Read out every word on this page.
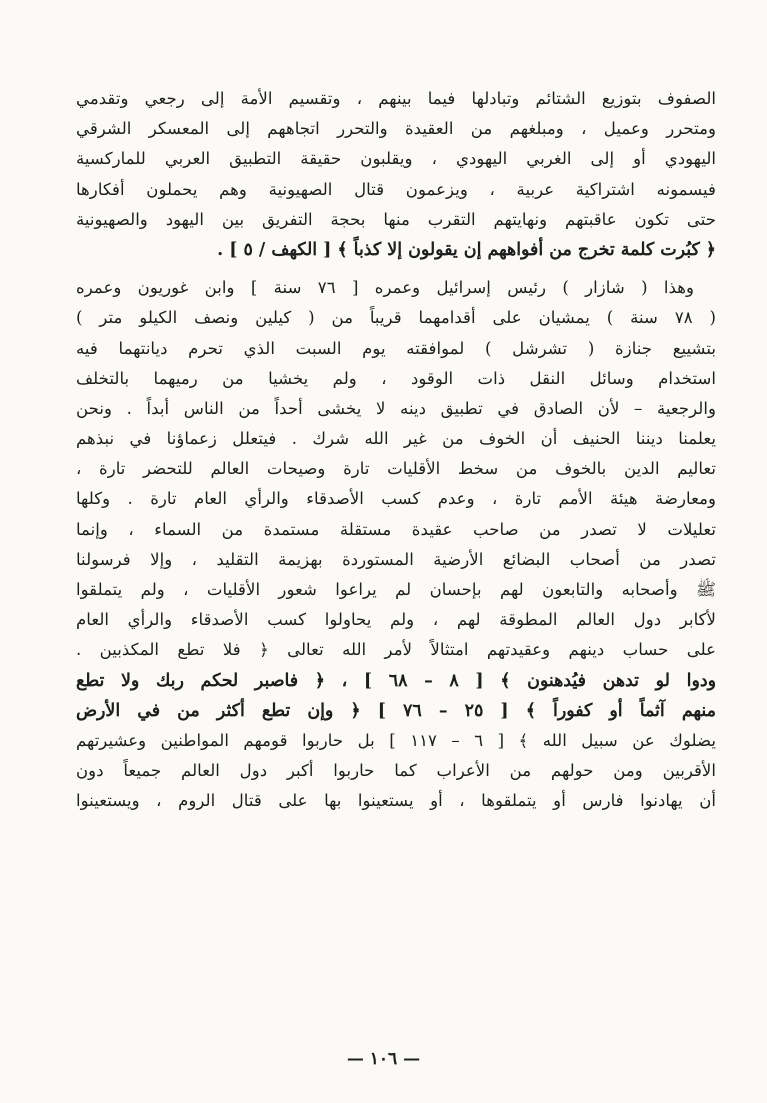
الصفوف بتوزيع الشتائم وتبادلها فيما بينهم ، وتقسيم الأمة إلى رجعي وتقدمي
ومتحرر وعميل ، ومبلغهم من العقيدة والتحرر اتجاههم إلى المعسكر الشرقي
اليهودي أو إلى الغربي اليهودي ، ويقلبون حقيقة التطبيق العربي للماركسية
فيسمونه اشتراكية عربية ، ويزعمون قتال الصهيونية وهم يحملون أفكارها
حتى تكون عاقبتهم ونهايتهم التقرب منها بحجة التفريق بين اليهود والصهيونية
﴿ كبُرت كلمة تخرج من أفواههم إن يقولون إلا كذباً ﴾ [ الكهف / ٥ ] .
وهذا ( شازار ) رئيس إسرائيل وعمره [ ٧٦ سنة ] وابن غوريون وعمره
( ٧٨ سنة ) يمشيان على أقدامهما قريباً من ( كيلين ونصف الكيلو متر )
بتشييع جنازة ( تشرشل ) لموافقته يوم السبت الذي تحرم ديانتهما فيه
استخدام وسائل النقل ذات الوقود ، ولم يخشيا من رميهما بالتخلف
والرجعية – لأن الصادق في تطبيق دينه لا يخشى أحداً من الناس أبداً . ونحن
يعلمنا ديننا الحنيف أن الخوف من غير الله شرك . فيتعلل زعماؤنا في نبذهم
تعاليم الدين بالخوف من سخط الأقليات تارة وصيحات العالم للتحضر تارة ،
ومعارضة هيئة الأمم تارة ، وعدم كسب الأصدقاء والرأي العام تارة . وكلها
تعليلات لا تصدر من صاحب عقيدة مستقلة مستمدة من السماء ، وإنما
تصدر من أصحاب البضائع الأرضية المستوردة بهزيمة التقليد ، وإلا فرسولنا
ﷺ وأصحابه والتابعون لهم بإحسان لم يراعوا شعور الأقليات ، ولم يتملقوا
لأكابر دول العالم المطوقة لهم ، ولم يحاولوا كسب الأصدقاء والرأي العام
على حساب دينهم وعقيدتهم امتثالاً لأمر الله تعالى ﴿ فلا تطع المكذبين .
ودوا لو تدهن فيُدهنون ﴾ [ ٨ – ٦٨ ] ، ﴿ فاصبر لحكم ربك ولا تطع
منهم آثماً أو كفوراً ﴾ [ ٢٥ – ٧٦ ] ﴿ وإن تطع أكثر من في الأرض
يضلوك عن سبيل الله ﴾ [ ٦ – ١١٧ ] بل حاربوا قومهم المواطنين وعشيرتهم
الأقربين ومن حولهم من الأعراب كما حاربوا أكبر دول العالم جميعاً دون
أن يهادنوا فارس أو يتملقوها ، أو يستعينوا بها على قتال الروم ، ويستعينوا
— ١٠٦ —
